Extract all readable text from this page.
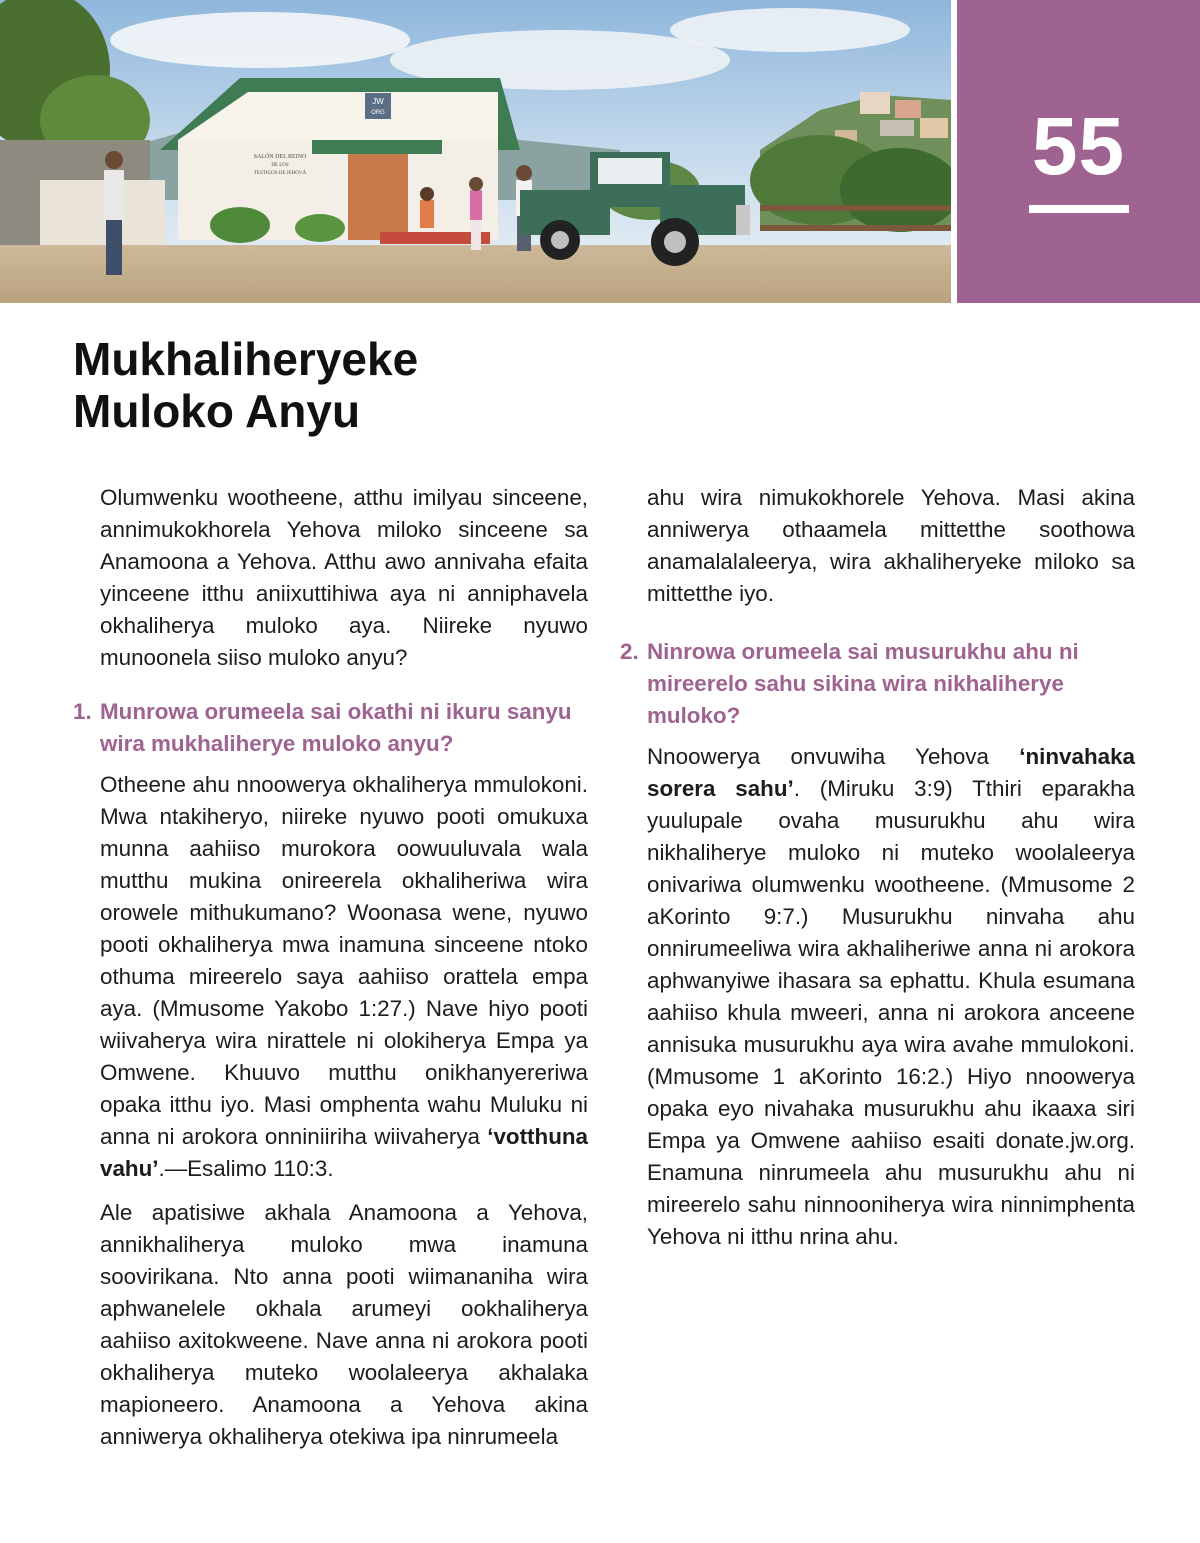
JW
ORG
SALÓN DEL REINO
DE LOS
TESTIGOS DE JEHOVÁ	55
Mukhaliheryeke
Muloko Anyu

Olumwenku wootheene, atthu imilyau sinceene, annimukokhorela Yehova miloko sinceene sa Anamoona a Yehova. Atthu awo annivaha efaita yinceene itthu aniixuttihiwa aya ni anniphavela okhaliherya muloko aya. Niireke nyuwo munoonela siiso muloko anyu?

1. Munrowa orumeela sai okathi ni ikuru sanyu wira mukhaliherye muloko anyu?

Otheene ahu nnoowerya okhaliherya mmulokoni. Mwa ntakiheryo, niireke nyuwo pooti omukuxa munna aahiiso murokora oowuuluvala wala mutthu mukina onireerela okhaliheriwa wira orowele mithukumano? Woonasa wene, nyuwo pooti okhaliherya mwa inamuna sinceene ntoko othuma mireerelo saya aahiiso orattela empa aya. (Mmusome Yakobo 1:27.) Nave hiyo pooti wiivaherya wira nirattele ni olokiherya Empa ya Omwene. Khuuvo mutthu onikhanyereriwa opaka itthu iyo. Masi omphenta wahu Muluku ni anna ni arokora onniniiriha wiivaherya ‘votthuna vahu’.—Esalimo 110:3.

Ale apatisiwe akhala Anamoona a Yehova, annikhaliherya muloko mwa inamuna soovirikana. Nto anna pooti wiimananiha wira aphwanelele okhala arumeyi ookhaliherya aahiiso axitokweene. Nave anna ni arokora pooti okhaliherya muteko woolaleerya akhalaka mapioneero. Anamoona a Yehova akina anniwerya okhaliherya otekiwa ipa ninrumeela

ahu wira nimukokhorele Yehova. Masi akina anniwerya othaamela mittetthe soothowa anamalalaleerya, wira akhaliheryeke miloko sa mittetthe iyo.

2. Ninrowa orumeela sai musurukhu ahu ni mireerelo sahu sikina wira nikhaliherye muloko?

Nnoowerya onvuwiha Yehova ‘ninvahaka sorera sahu’. (Miruku 3:9) Tthiri eparakha yuulupale ovaha musurukhu ahu wira nikhaliherye muloko ni muteko woolaleerya onivariwa olumwenku wootheene. (Mmusome 2 aKorinto 9:7.) Musurukhu ninvaha ahu onnirumeeliwa wira akhaliheriwe anna ni arokora aphwanyiwe ihasara sa ephattu. Khula esumana aahiiso khula mweeri, anna ni arokora anceene annisuka musurukhu aya wira avahe mmulokoni. (Mmusome 1 aKorinto 16:2.) Hiyo nnoowerya opaka eyo nivahaka musurukhu ahu ikaaxa siri Empa ya Omwene aahiiso esaiti donate.jw.org. Enamuna ninrumeela ahu musurukhu ahu ni mireerelo sahu ninnooniherya wira ninnimphenta Yehova ni itthu nrina ahu.
